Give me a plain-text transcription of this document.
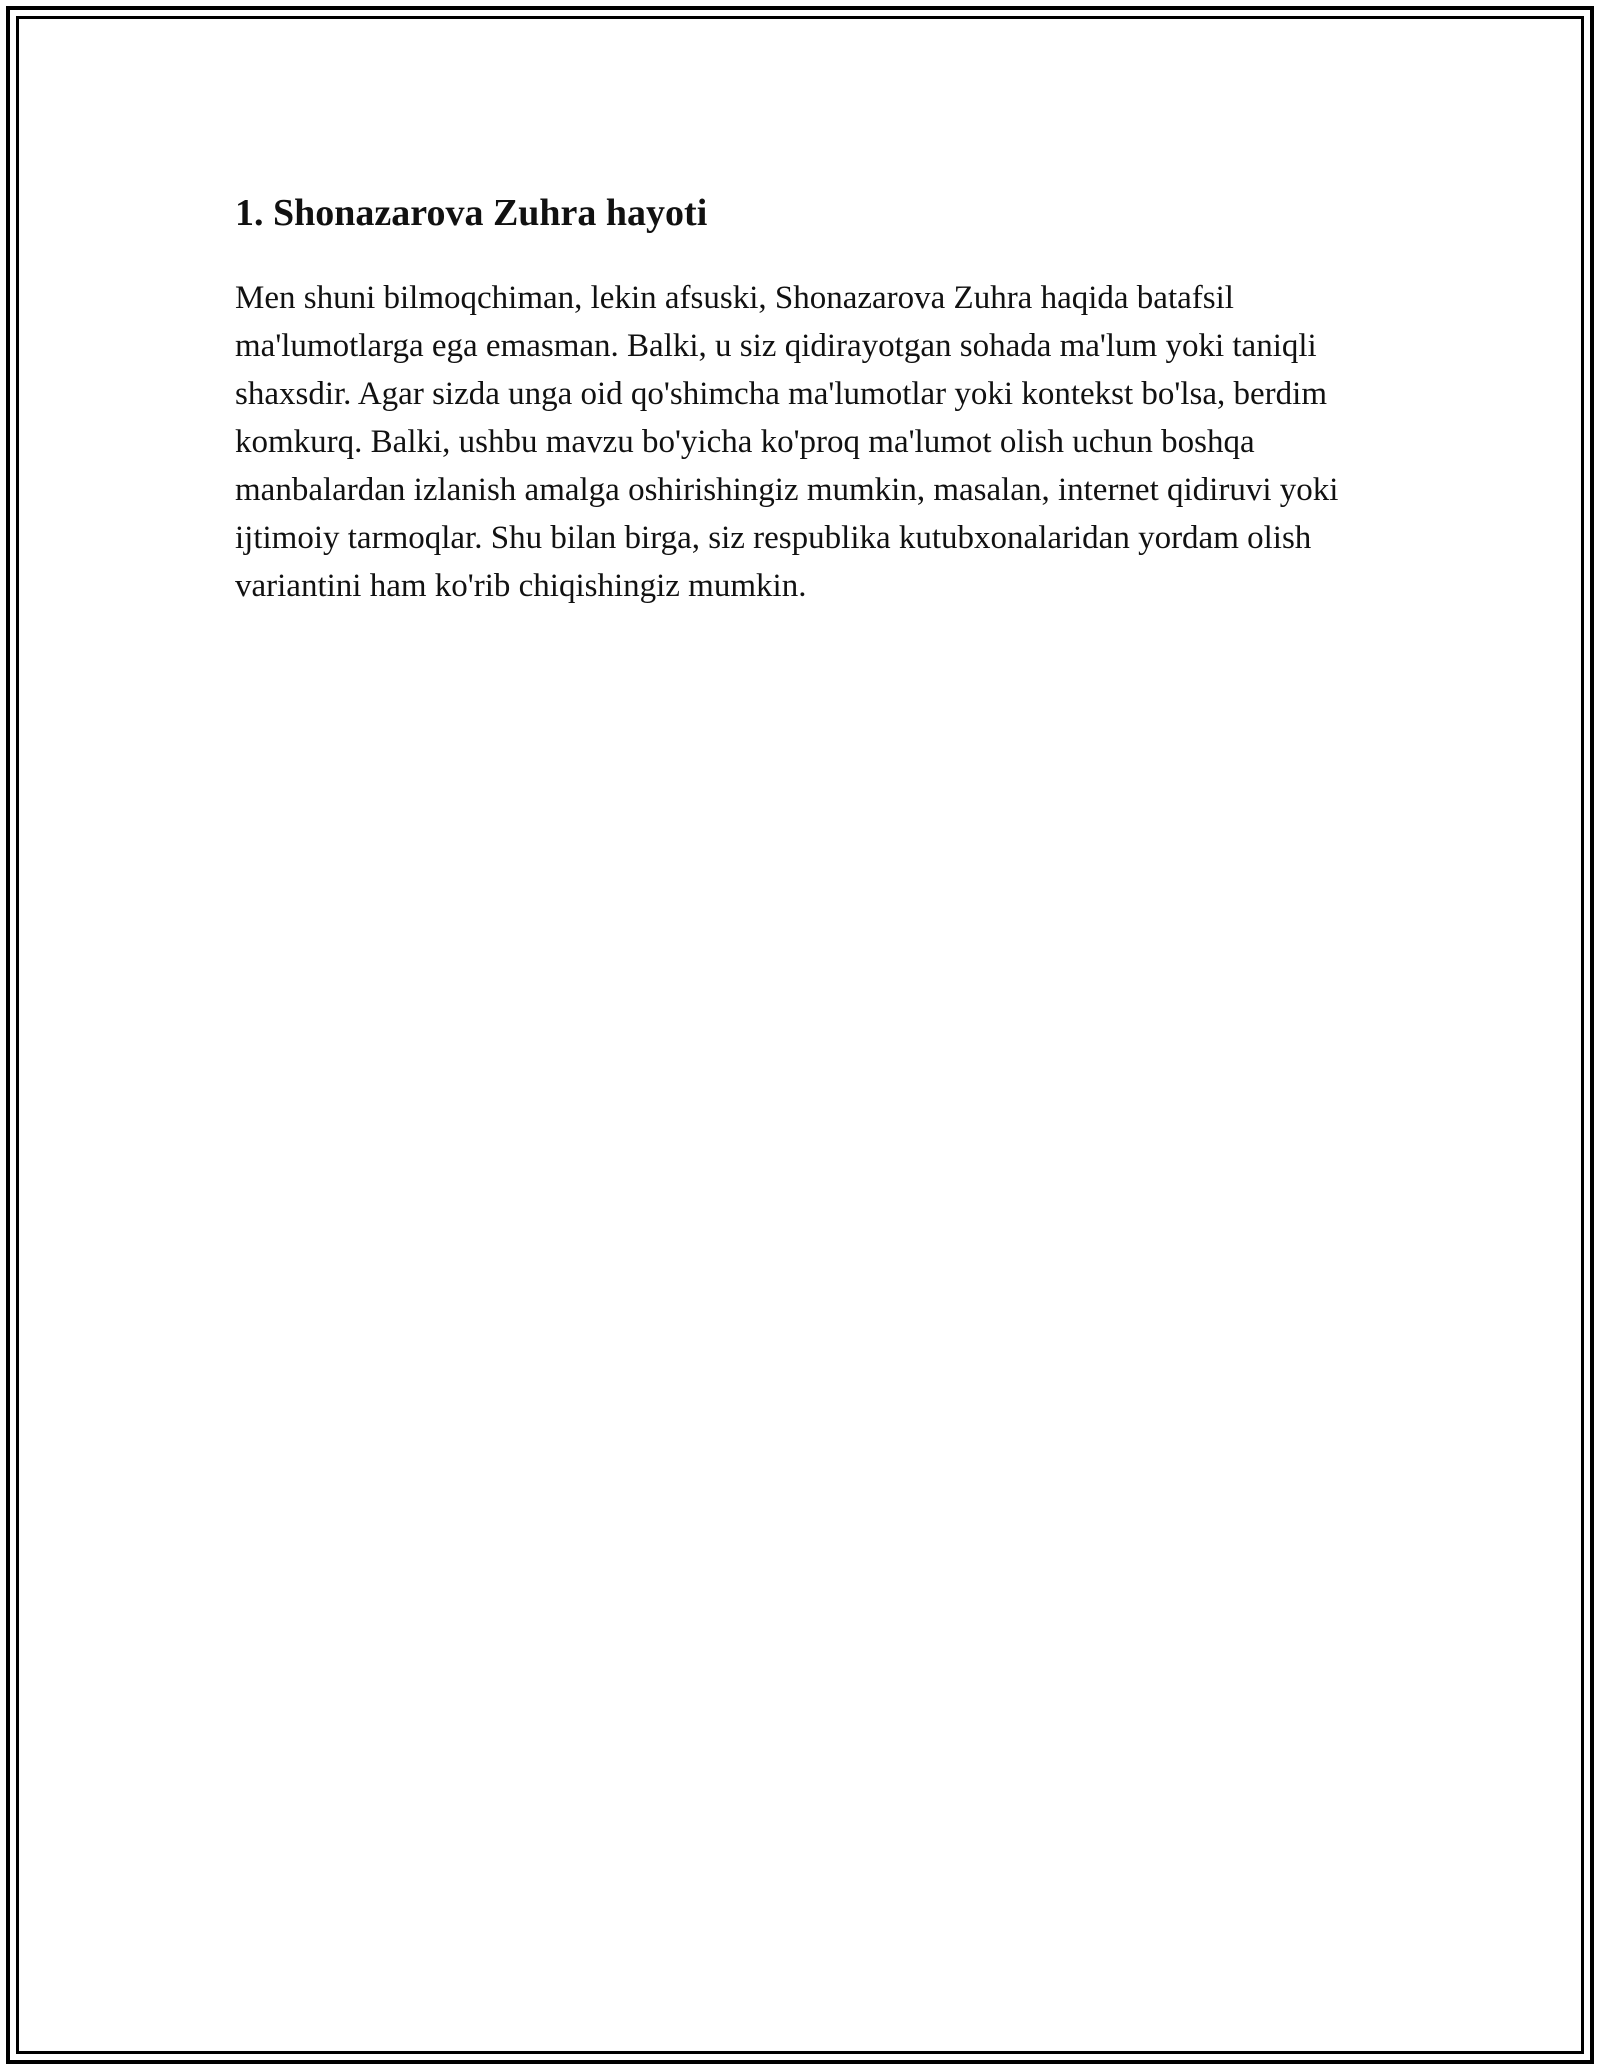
1. Shonazarova Zuhra hayoti

Men shuni bilmoqchiman, lekin afsuski, Shonazarova Zuhra haqida batafsil ma'lumotlarga ega emasman. Balki, u siz qidirayotgan sohada ma'lum yoki taniqli shaxsdir. Agar sizda unga oid qo'shimcha ma'lumotlar yoki kontekst bo'lsa, berdim komkurq. Balki, ushbu mavzu bo'yicha ko'proq ma'lumot olish uchun boshqa manbalardan izlanish amalga oshirishingiz mumkin, masalan, internet qidiruvi yoki ijtimoiy tarmoqlar. Shu bilan birga, siz respublika kutubxonalaridan yordam olish variantini ham ko'rib chiqishingiz mumkin.
